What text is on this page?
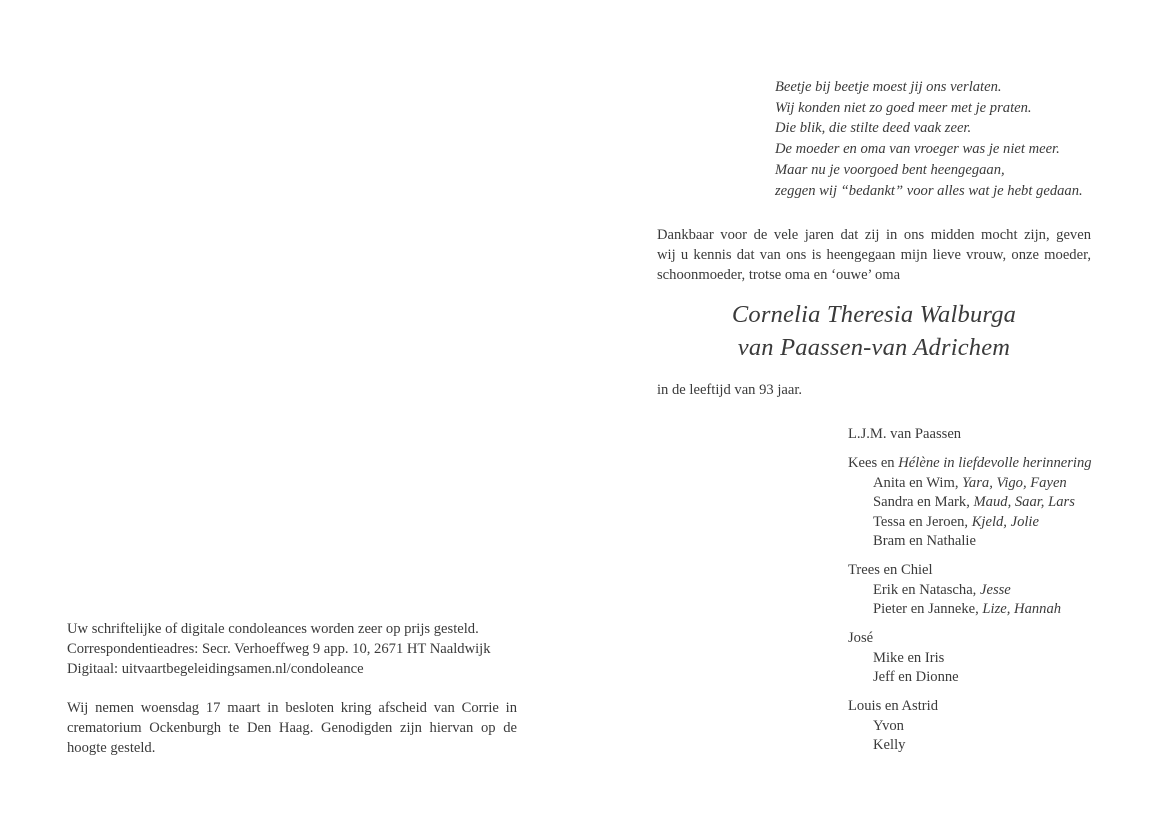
Uw schriftelijke of digitale condoleances worden zeer op prijs gesteld.

Correspondentieadres: Secr. Verhoeffweg 9 app. 10, 2671 HT Naaldwijk

Digitaal: uitvaartbegeleidingsamen.nl/condoleance

Wij nemen woensdag 17 maart in besloten kring afscheid van Corrie in crematorium Ockenburgh te Den Haag. Genodigden zijn hiervan op de hoogte gesteld.

Beetje bij beetje moest jij ons verlaten.
Wij konden niet zo goed meer met je praten.
Die blik, die stilte deed vaak zeer.
De moeder en oma van vroeger was je niet meer.
Maar nu je voorgoed bent heengegaan,
zeggen wij “bedankt” voor alles wat je hebt gedaan.
Dankbaar voor de vele jaren dat zij in ons midden mocht zijn, geven
wij u kennis dat van ons is heengegaan mijn lieve vrouw, onze moeder,
schoonmoeder, trotse oma en ‘ouwe’ oma
Cornelia Theresia Walburga
van Paassen-van Adrichem
in de leeftijd van 93 jaar.
L.J.M. van Paassen
Kees en Hélène in liefdevolle herinnering
Anita en Wim, Yara, Vigo, Fayen
Sandra en Mark, Maud, Saar, Lars
Tessa en Jeroen, Kjeld, Jolie
Bram en Nathalie
Trees en Chiel
Erik en Natascha, Jesse
Pieter en Janneke, Lize, Hannah
José
Mike en Iris
Jeff en Dionne
Louis en Astrid
Yvon
Kelly
